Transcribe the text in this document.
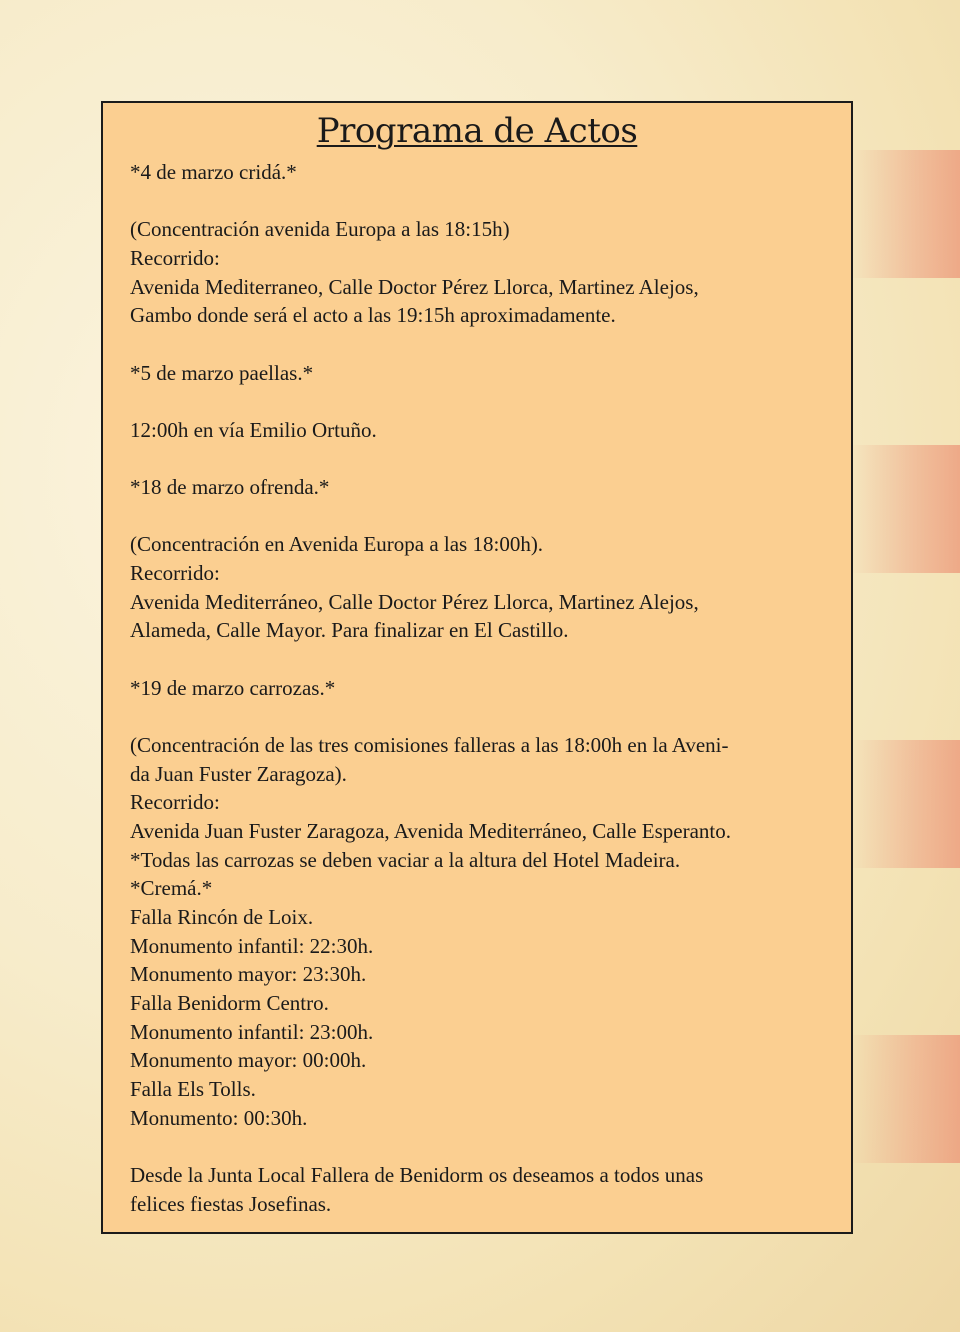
Programa de Actos
*4 de marzo cridá.*
(Concentración avenida Europa a las 18:15h)
Recorrido:
Avenida Mediterraneo, Calle Doctor Pérez Llorca, Martinez Alejos,
Gambo donde será el acto a las 19:15h aproximadamente.
*5 de marzo paellas.*
12:00h en vía Emilio Ortuño.
*18 de marzo ofrenda.*
(Concentración en Avenida Europa a las 18:00h).
Recorrido:
Avenida Mediterráneo, Calle Doctor Pérez Llorca, Martinez Alejos,
Alameda, Calle Mayor. Para finalizar en El Castillo.
*19 de marzo carrozas.*
(Concentración de las tres comisiones falleras a las 18:00h en la Aveni-
da Juan Fuster Zaragoza).
Recorrido:
Avenida Juan Fuster Zaragoza, Avenida Mediterráneo, Calle Esperanto.
*Todas las carrozas se deben vaciar a la altura del Hotel Madeira.
*Cremá.*
Falla Rincón de Loix.
Monumento infantil: 22:30h.
Monumento mayor: 23:30h.
Falla Benidorm Centro.
Monumento infantil: 23:00h.
Monumento mayor: 00:00h.
Falla Els Tolls.
Monumento: 00:30h.
Desde la Junta Local Fallera de Benidorm os deseamos a todos unas
felices fiestas Josefinas.
